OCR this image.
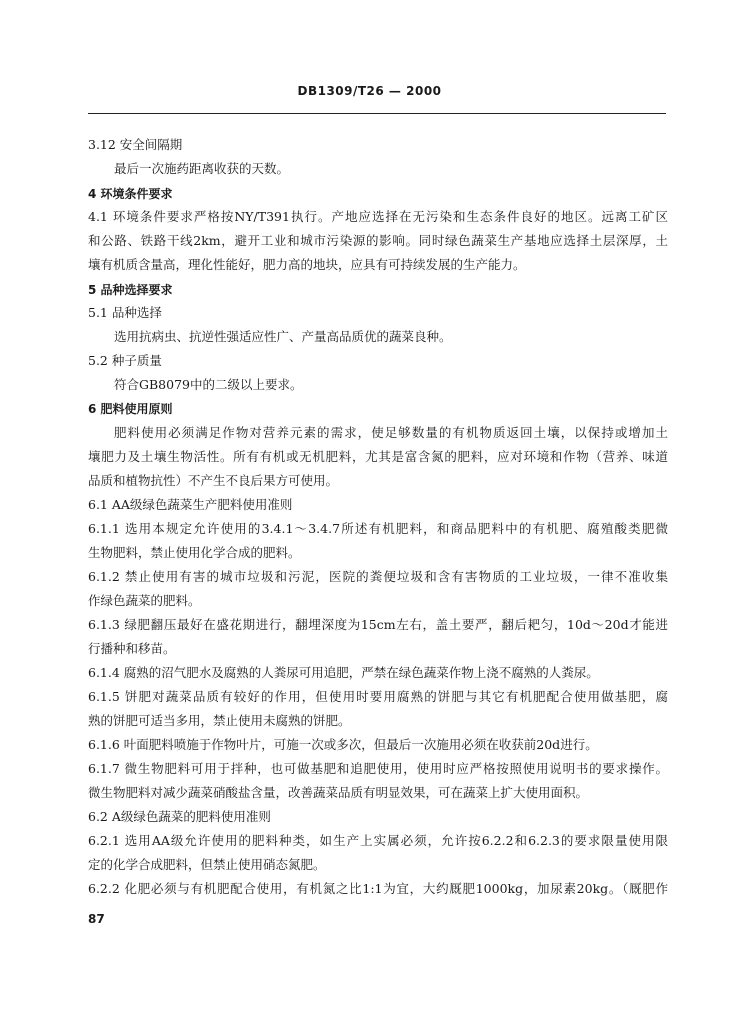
DB1309/T26 — 2000
3.12 安全间隔期
最后一次施药距离收获的天数。
4 环境条件要求
4.1 环境条件要求严格按NY/T391执行。产地应选择在无污染和生态条件良好的地区。远离工矿区
和公路、铁路干线2km，避开工业和城市污染源的影响。同时绿色蔬菜生产基地应选择土层深厚，土
壤有机质含量高，理化性能好，肥力高的地块，应具有可持续发展的生产能力。
5 品种选择要求
5.1 品种选择
选用抗病虫、抗逆性强适应性广、产量高品质优的蔬菜良种。
5.2 种子质量
符合GB8079中的二级以上要求。
6 肥料使用原则
肥料使用必须满足作物对营养元素的需求，使足够数量的有机物质返回土壤，以保持或增加土
壤肥力及土壤生物活性。所有有机或无机肥料，尤其是富含氮的肥料，应对环境和作物（营养、味道
品质和植物抗性）不产生不良后果方可使用。
6.1 AA级绿色蔬菜生产肥料使用准则
6.1.1 选用本规定允许使用的3.4.1～3.4.7所述有机肥料，和商品肥料中的有机肥、腐殖酸类肥微
生物肥料，禁止使用化学合成的肥料。
6.1.2 禁止使用有害的城市垃圾和污泥，医院的粪便垃圾和含有害物质的工业垃圾，一律不准收集
作绿色蔬菜的肥料。
6.1.3 绿肥翻压最好在盛花期进行，翻埋深度为15cm左右，盖土要严，翻后耙匀，10d～20d才能进
行播种和移苗。
6.1.4 腐熟的沼气肥水及腐熟的人粪尿可用追肥，严禁在绿色蔬菜作物上浇不腐熟的人粪尿。
6.1.5 饼肥对蔬菜品质有较好的作用，但使用时要用腐熟的饼肥与其它有机肥配合使用做基肥，腐
熟的饼肥可适当多用，禁止使用未腐熟的饼肥。
6.1.6 叶面肥料喷施于作物叶片，可施一次或多次，但最后一次施用必须在收获前20d进行。
6.1.7 微生物肥料可用于拌种，也可做基肥和追肥使用，使用时应严格按照使用说明书的要求操作。
微生物肥料对减少蔬菜硝酸盐含量，改善蔬菜品质有明显效果，可在蔬菜上扩大使用面积。
6.2 A级绿色蔬菜的肥料使用准则
6.2.1 选用AA级允许使用的肥料种类，如生产上实属必须，允许按6.2.2和6.2.3的要求限量使用限
定的化学合成肥料，但禁止使用硝态氮肥。
6.2.2 化肥必须与有机肥配合使用，有机氮之比1:1为宜，大约厩肥1000kg，加尿素20kg。（厩肥作
87
